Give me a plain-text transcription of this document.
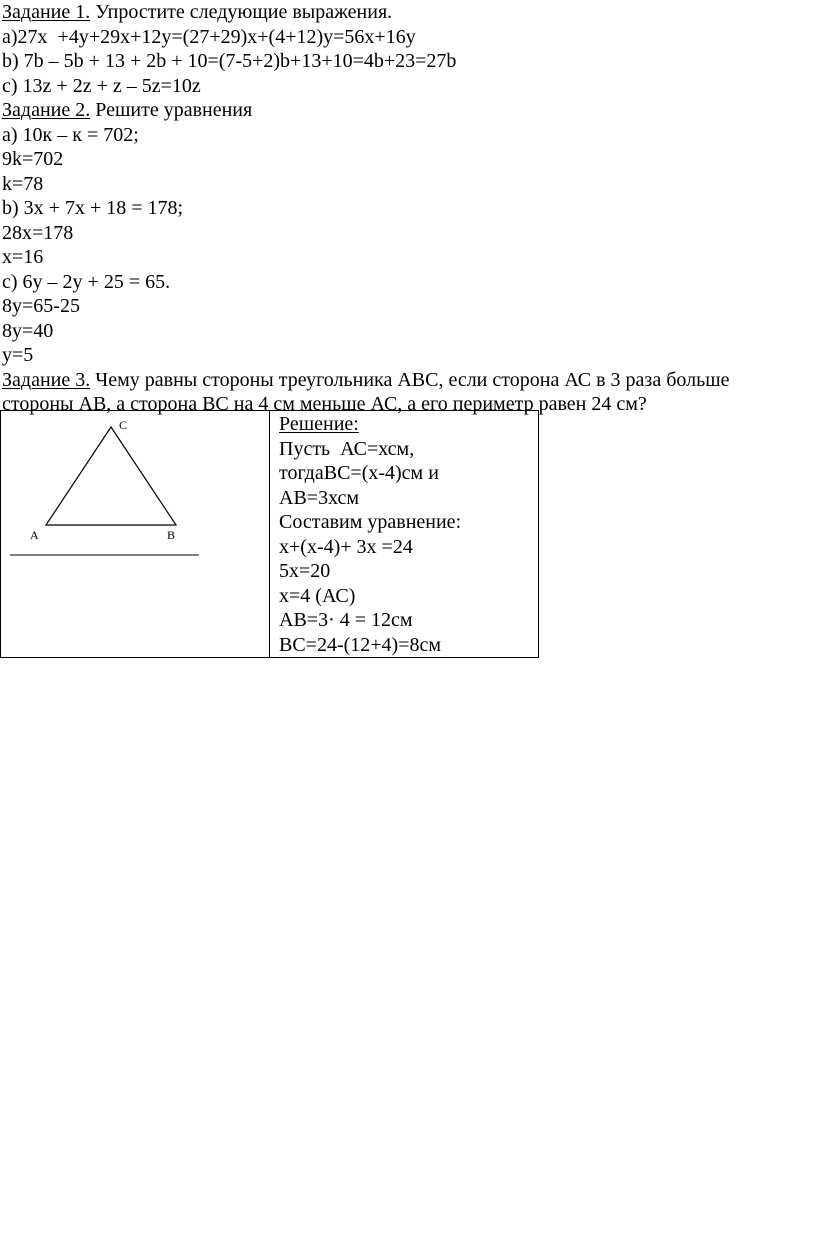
Задание 1. Упростите следующие выражения.

а)27x  +4y+29x+12y=(27+29)x+(4+12)y=56x+16y

b) 7b – 5b + 13 + 2b + 10=(7-5+2)b+13+10=4b+23=27b

c) 13z + 2z + z – 5z=10z

Задание 2. Решите уравнения

а) 10к – к = 702;

9k=702

k=78

b) 3x + 7x + 18 = 178;

28x=178

x=16

c) 6y – 2y + 25 = 65.

8y=65-25

8y=40

y=5

Задание 3. Чему равны стороны треугольника АВС, если сторона АС в 3 раза больше

стороны АВ, а сторона ВС на 4 см меньше АС, а его периметр равен 24 см?

C
A	B

Решение:

Пусть  АС=хсм,

тогдаВС=(х-4)см и

АВ=3хсм

Составим уравнение:

х+(х-4)+ 3х =24

5х=20

х=4 (АС)

АВ=3· 4 = 12см

ВС=24-(12+4)=8см
